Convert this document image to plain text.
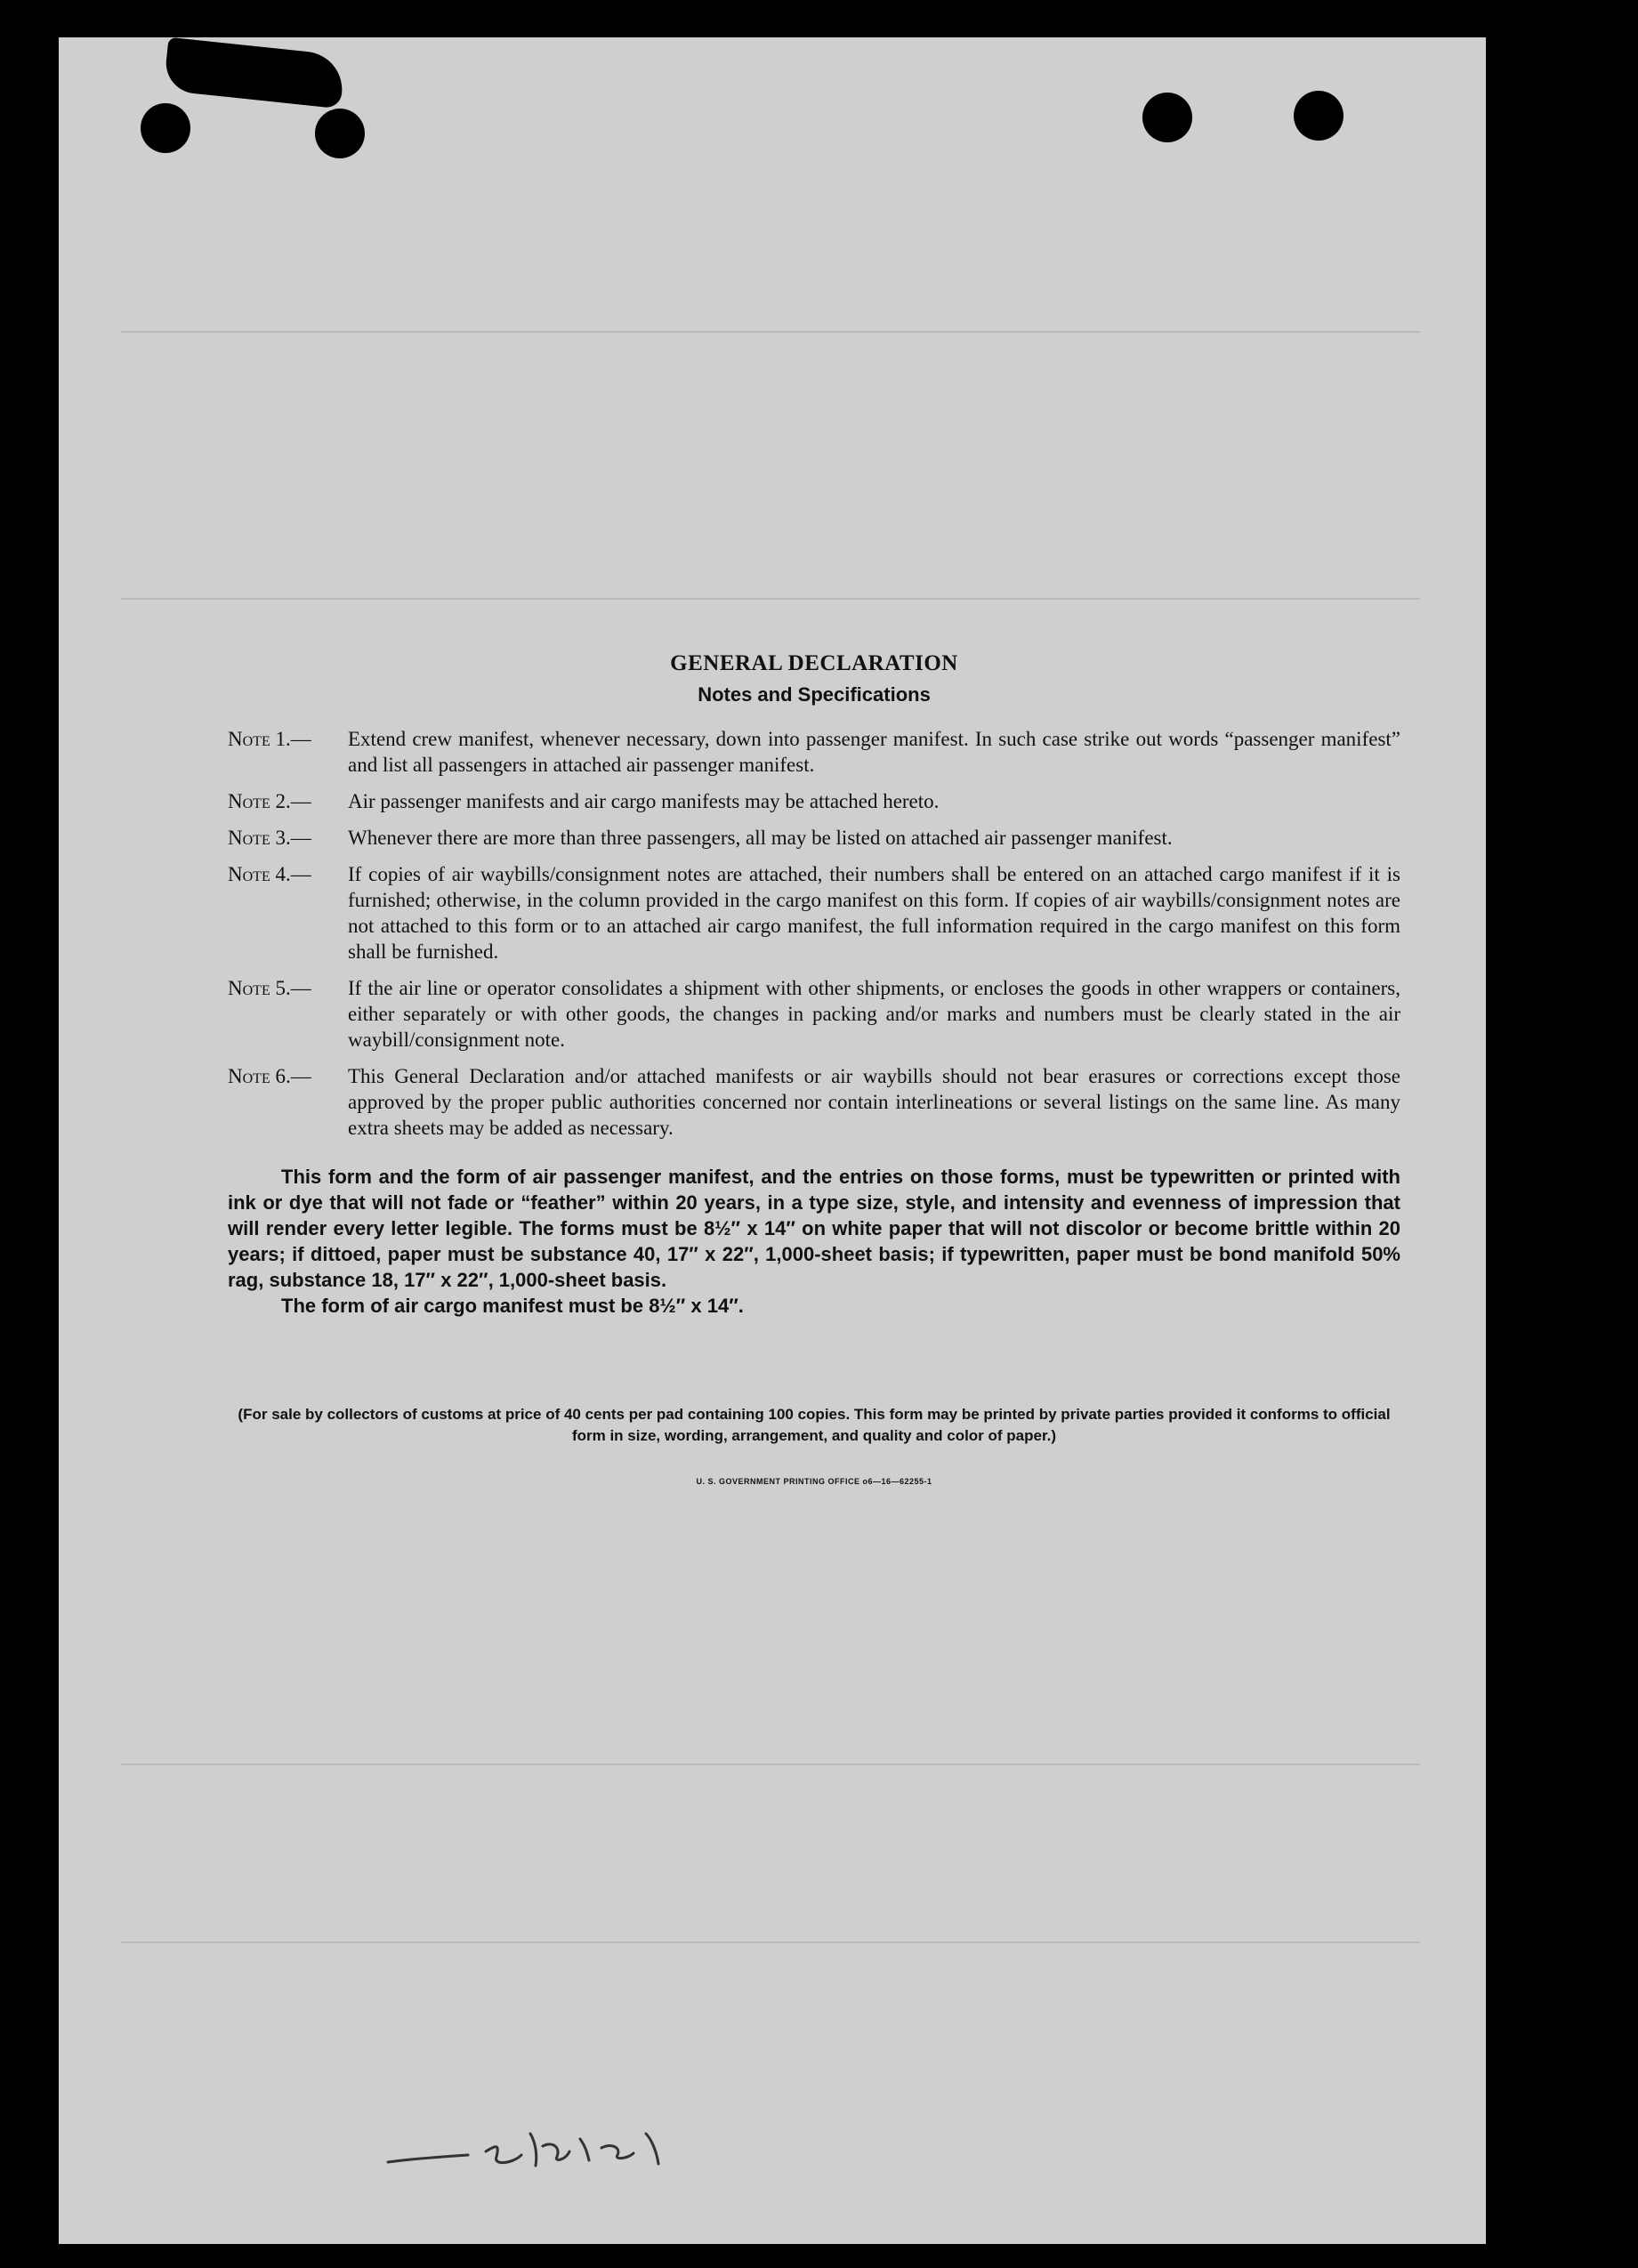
GENERAL DECLARATION
Notes and Specifications
Note 1.—	Extend crew manifest, whenever necessary, down into passenger manifest. In such case strike out words “passenger manifest” and list all passengers in attached air passenger manifest.
Note 2.—	Air passenger manifests and air cargo manifests may be attached hereto.
Note 3.—	Whenever there are more than three passengers, all may be listed on attached air passenger manifest.
Note 4.—	If copies of air waybills/consignment notes are attached, their numbers shall be entered on an attached cargo manifest if it is furnished; otherwise, in the column provided in the cargo manifest on this form. If copies of air waybills/consignment notes are not attached to this form or to an attached air cargo manifest, the full information required in the cargo manifest on this form shall be furnished.
Note 5.—	If the air line or operator consolidates a shipment with other shipments, or encloses the goods in other wrappers or containers, either separately or with other goods, the changes in packing and/or marks and numbers must be clearly stated in the air waybill/consignment note.
Note 6.—	This General Declaration and/or attached manifests or air waybills should not bear erasures or corrections except those approved by the proper public authorities concerned nor contain interlineations or several listings on the same line. As many extra sheets may be added as necessary.
This form and the form of air passenger manifest, and the entries on those forms, must be typewritten or printed with ink or dye that will not fade or “feather” within 20 years, in a type size, style, and intensity and evenness of impression that will render every letter legible. The forms must be 8½″ x 14″ on white paper that will not discolor or become brittle within 20 years; if dittoed, paper must be substance 40, 17″ x 22″, 1,000-sheet basis; if typewritten, paper must be bond manifold 50% rag, substance 18, 17″ x 22″, 1,000-sheet basis.
The form of air cargo manifest must be 8½″ x 14″.
(For sale by collectors of customs at price of 40 cents per pad containing 100 copies. This form may be printed by private parties provided it conforms to official form in size, wording, arrangement, and quality and color of paper.)
U. S. GOVERNMENT PRINTING OFFICE o6—16—62255-1
